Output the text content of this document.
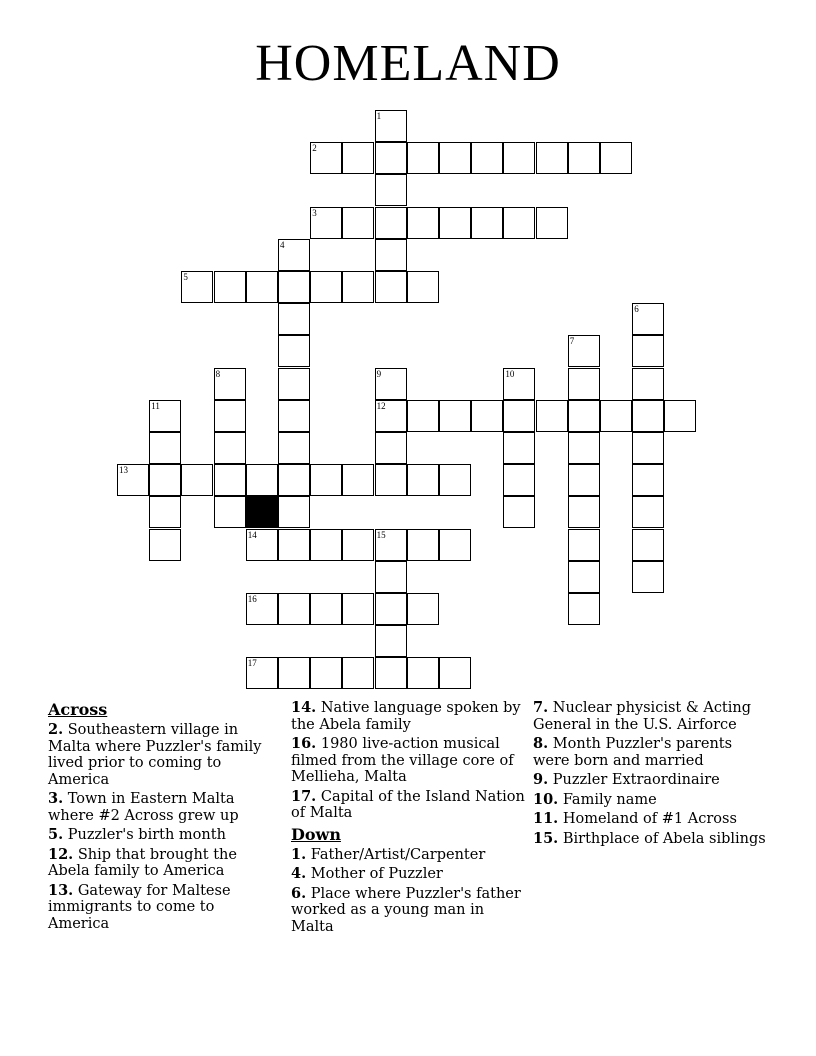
HOMELAND
1
2
3
4
5
6
7
8	9	10
11	12
13
14	15
16
17
Across
2. Southeastern village in Malta where Puzzler's family lived prior to coming to America
3. Town in Eastern Malta where #2 Across grew up
5. Puzzler's birth month
12. Ship that brought the Abela family to America
13. Gateway for Maltese immigrants to come to America
14. Native language spoken by the Abela family
16. 1980 live-action musical filmed from the village core of Mellieha, Malta
17. Capital of the Island Nation of Malta
Down
1. Father/Artist/Carpenter
4. Mother of Puzzler
6. Place where Puzzler's father worked as a young man in Malta
7. Nuclear physicist & Acting General in the U.S. Airforce
8. Month Puzzler's parents were born and married
9. Puzzler Extraordinaire
10. Family name
11. Homeland of #1 Across
15. Birthplace of Abela siblings
